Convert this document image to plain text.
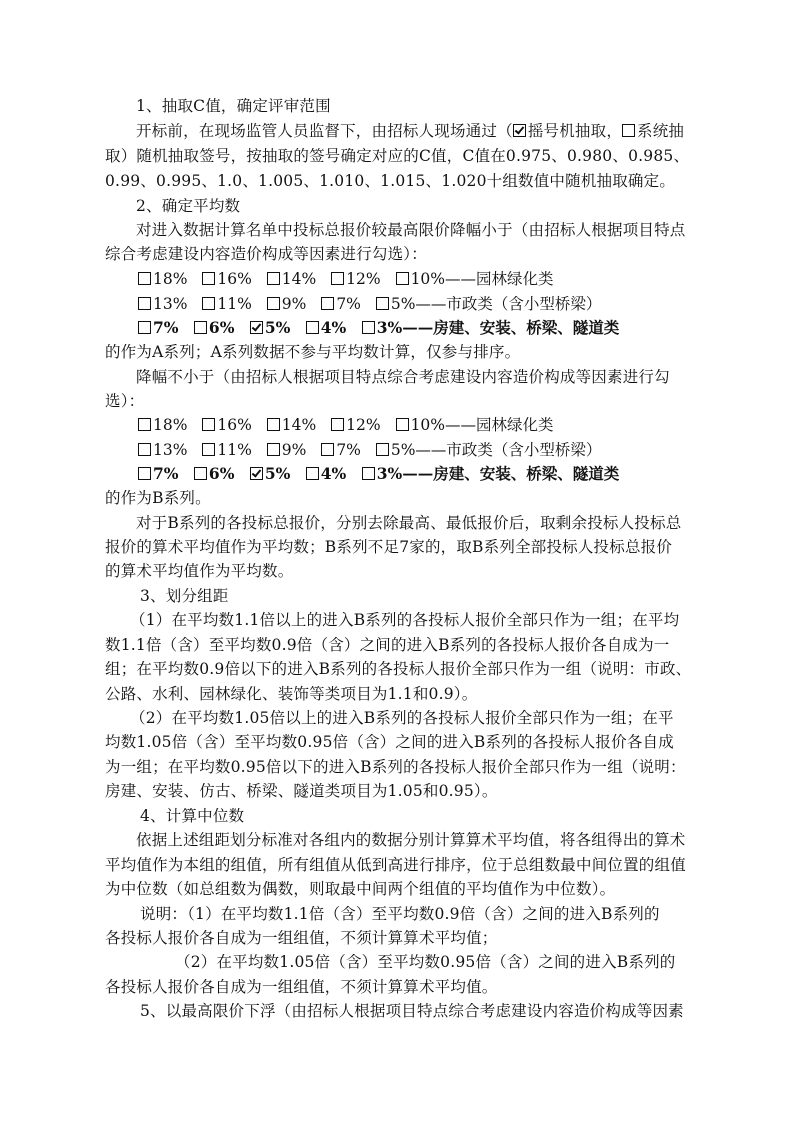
1、抽取C值，确定评审范围
开标前，在现场监管人员监督下，由招标人现场通过（ 摇号机抽取， 系统抽
取）随机抽取签号，按抽取的签号确定对应的C值，C值在0.975、0.980、0.985、
0.99、0.995、1.0、1.005、1.010、1.015、1.020十组数值中随机抽取确定。
2、确定平均数
对进入数据计算名单中投标总报价较最高限价降幅小于（由招标人根据项目特点
综合考虑建设内容造价构成等因素进行勾选）：
18% 16% 14% 12% 10%——园林绿化类
13% 11% 9% 7% 5%——市政类（含小型桥梁）
7% 6% 5% 4% 3%——房建、安装、桥梁、隧道类
的作为A系列；A系列数据不参与平均数计算，仅参与排序。
降幅不小于（由招标人根据项目特点综合考虑建设内容造价构成等因素进行勾
选）：
18% 16% 14% 12% 10%——园林绿化类
13% 11% 9% 7% 5%——市政类（含小型桥梁）
7% 6% 5% 4% 3%——房建、安装、桥梁、隧道类
的作为B系列。
对于B系列的各投标总报价，分别去除最高、最低报价后，取剩余投标人投标总
报价的算术平均值作为平均数；B系列不足7家的，取B系列全部投标人投标总报价
的算术平均值作为平均数。
3、划分组距
（1）在平均数1.1倍以上的进入B系列的各投标人报价全部只作为一组；在平均
数1.1倍（含）至平均数0.9倍（含）之间的进入B系列的各投标人报价各自成为一
组；在平均数0.9倍以下的进入B系列的各投标人报价全部只作为一组（说明：市政、
公路、水利、园林绿化、装饰等类项目为1.1和0.9）。
（2）在平均数1.05倍以上的进入B系列的各投标人报价全部只作为一组；在平
均数1.05倍（含）至平均数0.95倍（含）之间的进入B系列的各投标人报价各自成
为一组；在平均数0.95倍以下的进入B系列的各投标人报价全部只作为一组（说明：
房建、安装、仿古、桥梁、隧道类项目为1.05和0.95）。
4、计算中位数
依据上述组距划分标准对各组内的数据分别计算算术平均值，将各组得出的算术
平均值作为本组的组值，所有组值从低到高进行排序，位于总组数最中间位置的组值
为中位数（如总组数为偶数，则取最中间两个组值的平均值作为中位数）。
说明：（1）在平均数1.1倍（含）至平均数0.9倍（含）之间的进入B系列的
各投标人报价各自成为一组组值，不须计算算术平均值；
（2）在平均数1.05倍（含）至平均数0.95倍（含）之间的进入B系列的
各投标人报价各自成为一组组值，不须计算算术平均值。
5、以最高限价下浮（由招标人根据项目特点综合考虑建设内容造价构成等因素
